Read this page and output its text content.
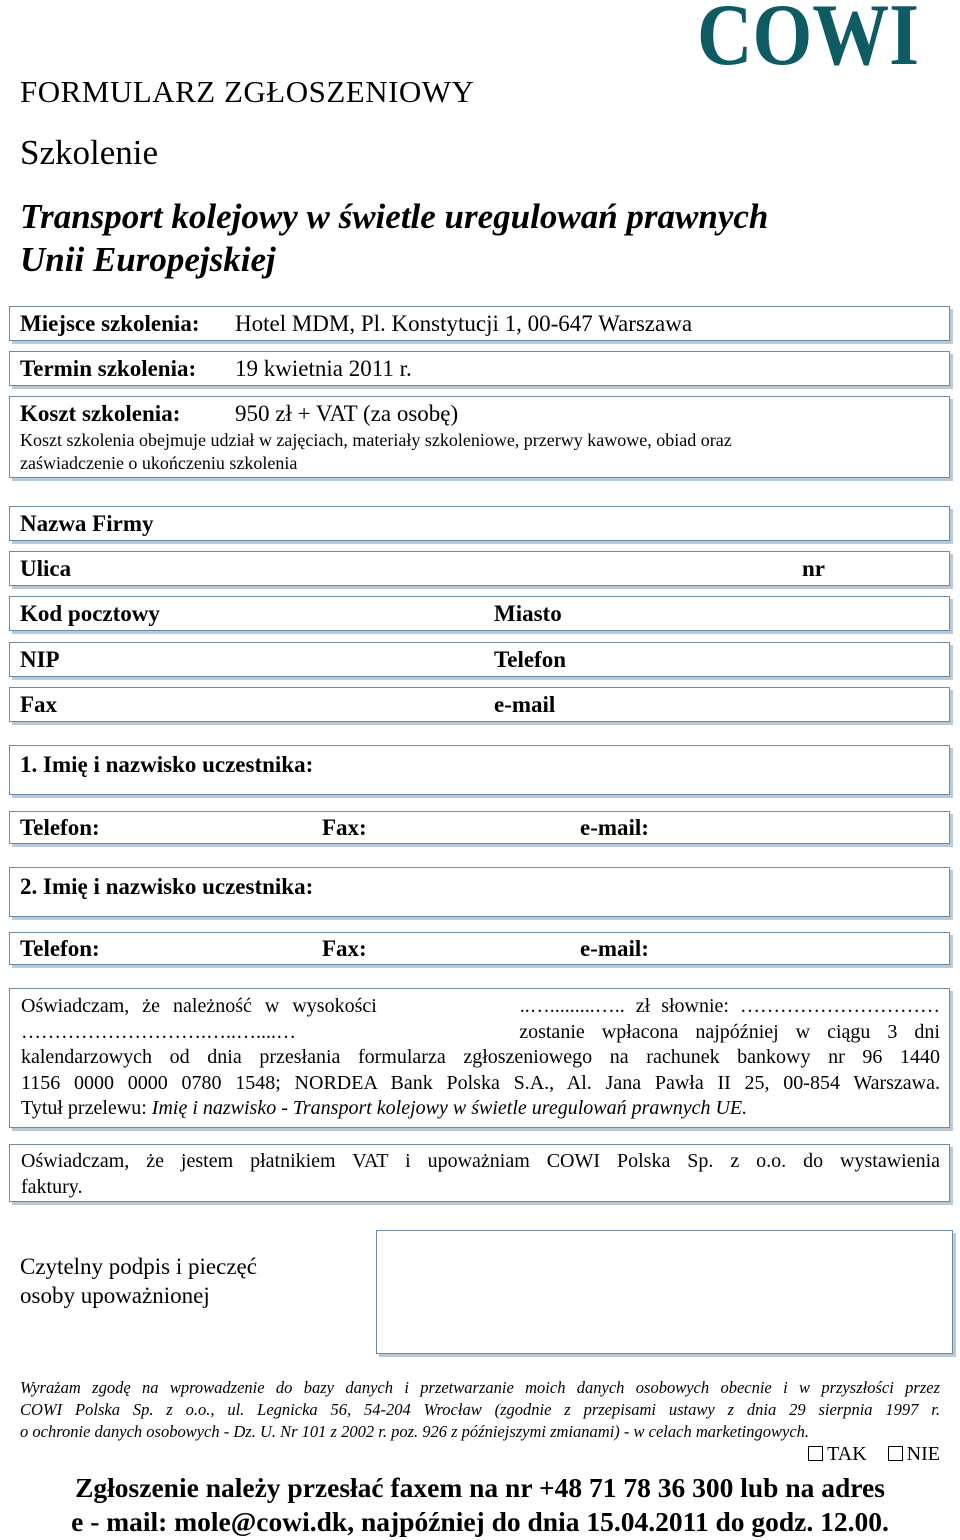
COWI
FORMULARZ ZGŁOSZENIOWY
Szkolenie
Transport kolejowy w świetle uregulowań prawnych
Unii Europejskiej
Miejsce szkolenia: Hotel MDM, Pl. Konstytucji 1, 00-647 Warszawa
Termin szkolenia: 19 kwietnia 2011 r.
Koszt szkolenia: 950 zł + VAT (za osobę)
Koszt szkolenia obejmuje udział w zajęciach, materiały szkoleniowe, przerwy kawowe, obiad oraz
zaświadczenie o ukończeniu szkolenia
Nazwa Firmy
Ulica	nr
Kod pocztowy	Miasto
NIP	Telefon
Fax	e-mail
1. Imię i nazwisko uczestnika:
Telefon:	Fax:	e-mail:
2. Imię i nazwisko uczestnika:
Telefon:	Fax:	e-mail:
Oświadczam, że należność w wysokości	..….........….. zł słownie: …………………………
……………………….…..…....…	zostanie wpłacona najpóźniej w ciągu 3 dni
kalendarzowych od dnia przesłania formularza zgłoszeniowego na rachunek bankowy nr 96 1440
1156 0000 0000 0780 1548; NORDEA Bank Polska S.A., Al. Jana Pawła II 25, 00-854 Warszawa.
Tytuł przelewu: Imię i nazwisko - Transport kolejowy w świetle uregulowań prawnych UE.
Oświadczam, że jestem płatnikiem VAT i upoważniam COWI Polska Sp. z o.o. do wystawienia
faktury.
Czytelny podpis i pieczęć
osoby upoważnionej
Wyrażam zgodę na wprowadzenie do bazy danych i przetwarzanie moich danych osobowych obecnie i w przyszłości przez
COWI Polska Sp. z o.o., ul. Legnicka 56, 54-204 Wrocław (zgodnie z przepisami ustawy z dnia 29 sierpnia 1997 r.
o ochronie danych osobowych - Dz. U. Nr 101 z 2002 r. poz. 926 z późniejszymi zmianami) - w celach marketingowych.
TAK NIE
Zgłoszenie należy przesłać faxem na nr +48 71 78 36 300 lub na adres
e - mail: mole@cowi.dk, najpóźniej do dnia 15.04.2011 do godz. 12.00.
